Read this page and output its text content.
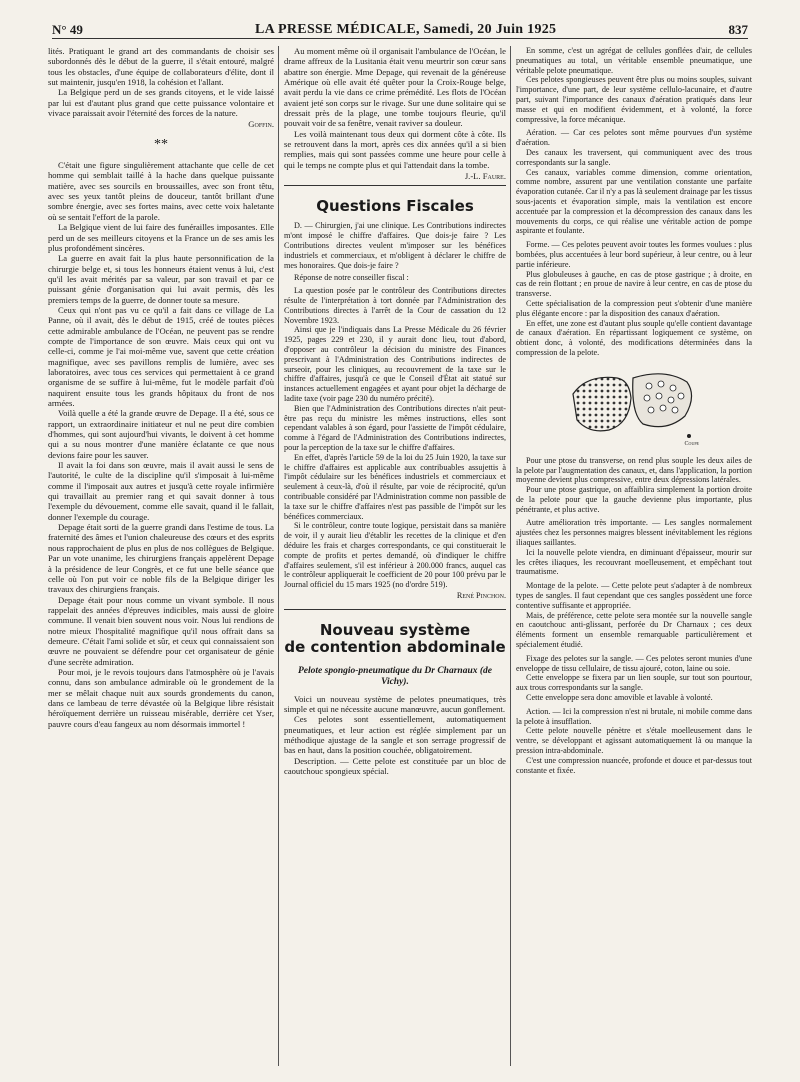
N° 49	LA PRESSE MÉDICALE, Samedi, 20 Juin 1925	837

lités. Pratiquant le grand art des commandants de choisir ses subordonnés dès le début de la guerre, il s'était entouré, malgré tous les obstacles, d'une équipe de collaborateurs d'élite, dont il sut maintenir, jusqu'en 1918, la cohésion et l'allant.

La Belgique perd un de ses grands citoyens, et le vide laissé par lui est d'autant plus grand que cette puissance volontaire et vivace paraissait avoir l'éternité des forces de la nature.

Goffin.
**

C'était une figure singulièrement attachante que celle de cet homme qui semblait taillé à la hache dans quelque puissante matière, avec ses sourcils en broussailles, avec son front têtu, avec ses yeux tantôt pleins de douceur, tantôt brillant d'une sombre énergie, avec ses fortes mains, avec cette voix haletante où se sentait l'effort de la parole.

La Belgique vient de lui faire des funérailles imposantes. Elle perd un de ses meilleurs citoyens et la France un de ses amis les plus profondément sincères.

La guerre en avait fait la plus haute personnification de la chirurgie belge et, si tous les honneurs étaient venus à lui, c'est qu'il les avait mérités par sa valeur, par son travail et par ce puissant génie d'organisation qui lui avait permis, dès les premiers temps de la guerre, de donner toute sa mesure.

Ceux qui n'ont pas vu ce qu'il a fait dans ce village de La Panne, où il avait, dès le début de 1915, créé de toutes pièces cette admirable ambulance de l'Océan, ne peuvent pas se rendre compte de l'importance de son œuvre. Mais ceux qui ont vu celle-ci, comme je l'ai moi-même vue, savent que cette création magnifique, avec ses pavillons remplis de lumière, avec ses laboratoires, avec tous ces services qui permettaient à ce grand organisme de se suffire à lui-même, fut le modèle parfait d'où naquirent ensuite tous les grands hôpitaux du front de nos armées.

Voilà quelle a été la grande œuvre de Depage. Il a été, sous ce rapport, un extraordinaire initiateur et nul ne peut dire combien d'hommes, qui sont aujourd'hui vivants, le doivent à cet homme qui a su nous montrer d'une manière éclatante ce que nous devions faire pour les sauver.

Il avait la foi dans son œuvre, mais il avait aussi le sens de l'autorité, le culte de la discipline qu'il s'imposait à lui-même comme il l'imposait aux autres et jusqu'à cette royale infirmière qui travaillait au premier rang et qui savait donner à tous l'exemple du dévouement, comme elle savait, quand il le fallait, donner l'exemple du courage.

Depage était sorti de la guerre grandi dans l'estime de tous. La fraternité des âmes et l'union chaleureuse des cœurs et des esprits nous rapprochaient de plus en plus de nos collègues de Belgique. Par un vote unanime, les chirurgiens français appelèrent Depage à la présidence de leur Congrès, et ce fut une belle séance que celle où l'on put voir ce noble fils de la Belgique diriger les travaux des chirurgiens français.

Depage était pour nous comme un vivant symbole. Il nous rappelait des années d'épreuves indicibles, mais aussi de gloire commune. Il venait bien souvent nous voir. Nous lui rendions de notre mieux l'hospitalité magnifique qu'il nous offrait dans sa demeure. C'était l'ami solide et sûr, et ceux qui connaissaient son œuvre ne pouvaient se défendre pour cet organisateur de génie d'une secrète admiration.

Pour moi, je le revois toujours dans l'atmosphère où je l'avais connu, dans son ambulance admirable où le grondement de la mer se mêlait chaque nuit aux sourds grondements du canon, dans ce lambeau de terre dévastée où la Belgique libre résistait héroïquement derrière un ruisseau misérable, derrière cet Yser, pauvre cours d'eau fangeux au nom désormais immortel !

Au moment même où il organisait l'ambulance de l'Océan, le drame affreux de la Lusitania était venu meurtrir son cœur sans abattre son énergie. Mme Depage, qui revenait de la généreuse Amérique où elle avait été quêter pour la Croix-Rouge belge, avait perdu la vie dans ce crime prémédité. Les flots de l'Océan avaient jeté son corps sur le rivage. Sur une dune solitaire qui se dressait près de la plage, une tombe toujours fleurie, qu'il pouvait voir de sa fenêtre, venait raviver sa douleur.

Les voilà maintenant tous deux qui dorment côte à côte. Ils se retrouvent dans la mort, après ces dix années qu'il a si bien remplies, mais qui sont passées comme une heure pour celle à qui le temps ne compte plus et qui l'attendait dans la tombe.

J.-L. Faure.
Questions Fiscales

D. — Chirurgien, j'ai une clinique. Les Contributions indirectes m'ont imposé le chiffre d'affaires. Que dois-je faire ? Les Contributions directes veulent m'imposer sur les bénéfices industriels et commerciaux, et m'obligent à déclarer le chiffre de mes honoraires. Que dois-je faire ?

Réponse de notre conseiller fiscal :

La question posée par le contrôleur des Contributions directes résulte de l'interprétation à tort donnée par l'Administration des Contributions directes à l'arrêt de la Cour de cassation du 12 Novembre 1923.

Ainsi que je l'indiquais dans La Presse Médicale du 26 février 1925, pages 229 et 230, il y aurait donc lieu, tout d'abord, d'opposer au contrôleur la décision du ministre des Finances prescrivant à l'Administration des Contributions indirectes de surseoir, pour les cliniques, au recouvrement de la taxe sur le chiffre d'affaires, jusqu'à ce que le Conseil d'État ait statué sur instances actuellement engagées et ayant pour objet la décharge de ladite taxe (voir page 230 du numéro précité).

Bien que l'Administration des Contributions directes n'ait peut-être pas reçu du ministre les mêmes instructions, elles sont cependant valables à son égard, pour l'assiette de l'impôt cédulaire, comme à l'égard de l'Administration des Contributions indirectes, pour la perception de la taxe sur le chiffre d'affaires.

En effet, d'après l'article 59 de la loi du 25 Juin 1920, la taxe sur le chiffre d'affaires est applicable aux contribuables assujettis à l'impôt cédulaire sur les bénéfices industriels et commerciaux et seulement à ceux-là, d'où il résulte, par voie de réciprocité, qu'un contribuable considéré par l'Administration comme non passible de la taxe sur le chiffre d'affaires n'est pas passible de l'impôt sur les bénéfices commerciaux.

Si le contrôleur, contre toute logique, persistait dans sa manière de voir, il y aurait lieu d'établir les recettes de la clinique et d'en déduire les frais et charges correspondants, ce qui constituerait le compte de profits et pertes demandé, où d'indiquer le chiffre d'affaires seulement, s'il est inférieur à 200.000 francs, auquel cas le contrôleur appliquerait le coefficient de 20 pour 100 prévu par le Journal officiel du 15 mars 1925 (no d'ordre 519).

René Pinchon.
Nouveau système
de contention abdominale
Pelote spongio-pneumatique du Dr Charnaux (de Vichy).

Voici un nouveau système de pelotes pneumatiques, très simple et qui ne nécessite aucune manœuvre, aucun gonflement.

Ces pelotes sont essentiellement, automatiquement pneumatiques, et leur action est réglée simplement par un méthodique ajustage de la sangle et son serrage progressif de bas en haut, dans la position couchée, obligatoirement.

Description. — Cette pelote est constituée par un bloc de caoutchouc spongieux spécial.

En somme, c'est un agrégat de cellules gonflées d'air, de cellules pneumatiques au total, un véritable ensemble pneumatique, une véritable pelote pneumatique.

Ces pelotes spongieuses peuvent être plus ou moins souples, suivant l'importance, d'une part, de leur système cellulo-lacunaire, et d'autre part, suivant l'importance des canaux d'aération pratiqués dans leur masse et qui en modifient évidemment, et à volonté, la force compressive, la force mécanique.

Aération. — Car ces pelotes sont même pourvues d'un système d'aération.

Des canaux les traversent, qui communiquent avec des trous correspondants sur la sangle.

Ces canaux, variables comme dimension, comme orientation, comme nombre, assurent par une ventilation constante une parfaite évaporation cutanée. Car il n'y a pas là seulement drainage par les tissus sous-jacents et évaporation simple, mais la ventilation est encore accentuée par la compression et la décompression des canaux dans les mouvements du corps, ce qui réalise une véritable action de pompe aspirante et foulante.

Forme. — Ces pelotes peuvent avoir toutes les formes voulues : plus bombées, plus accentuées à leur bord supérieur, à leur centre, ou à leur partie inférieure.

Plus globuleuses à gauche, en cas de ptose gastrique ; à droite, en cas de rein flottant ; en proue de navire à leur centre, en cas de ptose du transverse.

Cette spécialisation de la compression peut s'obtenir d'une manière plus élégante encore : par la disposition des canaux d'aération.

En effet, une zone est d'autant plus souple qu'elle contient davantage de canaux d'aération. En répartissant logiquement ce système, on obtient donc, à volonté, des modifications déterminées dans la compression de la pelote.

Coupe

Pour une ptose du transverse, on rend plus souple les deux ailes de la pelote par l'augmentation des canaux, et, dans l'application, la portion moyenne devient plus compressive, entre deux dépressions latérales.

Pour une ptose gastrique, on affaiblira simplement la portion droite de la pelote pour que la gauche devienne plus importante, plus pénétrante, et plus active.

Autre amélioration très importante. — Les sangles normalement ajustées chez les personnes maigres blessent inévitablement les régions iliaques saillantes.

Ici la nouvelle pelote viendra, en diminuant d'épaisseur, mourir sur les crêtes iliaques, les recouvrant moelleusement, et empêchant tout traumatisme.

Montage de la pelote. — Cette pelote peut s'adapter à de nombreux types de sangles. Il faut cependant que ces sangles possèdent une force contentive suffisante et appropriée.

Mais, de préférence, cette pelote sera montée sur la nouvelle sangle en caoutchouc anti-glissant, perforée du Dr Charnaux ; ces deux éléments forment un ensemble remarquable particulièrement et spécialement étudié.

Fixage des pelotes sur la sangle. — Ces pelotes seront munies d'une enveloppe de tissu cellulaire, de tissu ajouré, coton, laine ou soie.

Cette enveloppe se fixera par un lien souple, sur tout son pourtour, aux trous correspondants sur la sangle.

Cette enveloppe sera donc amovible et lavable à volonté.

Action. — Ici la compression n'est ni brutale, ni mobile comme dans la pelote à insufflation.

Cette pelote nouvelle pénètre et s'étale moelleusement dans le ventre, se développant et agissant automatiquement là ou manque la pression intra-abdominale.

C'est une compression nuancée, profonde et douce et par-dessus tout constante et fixée.
